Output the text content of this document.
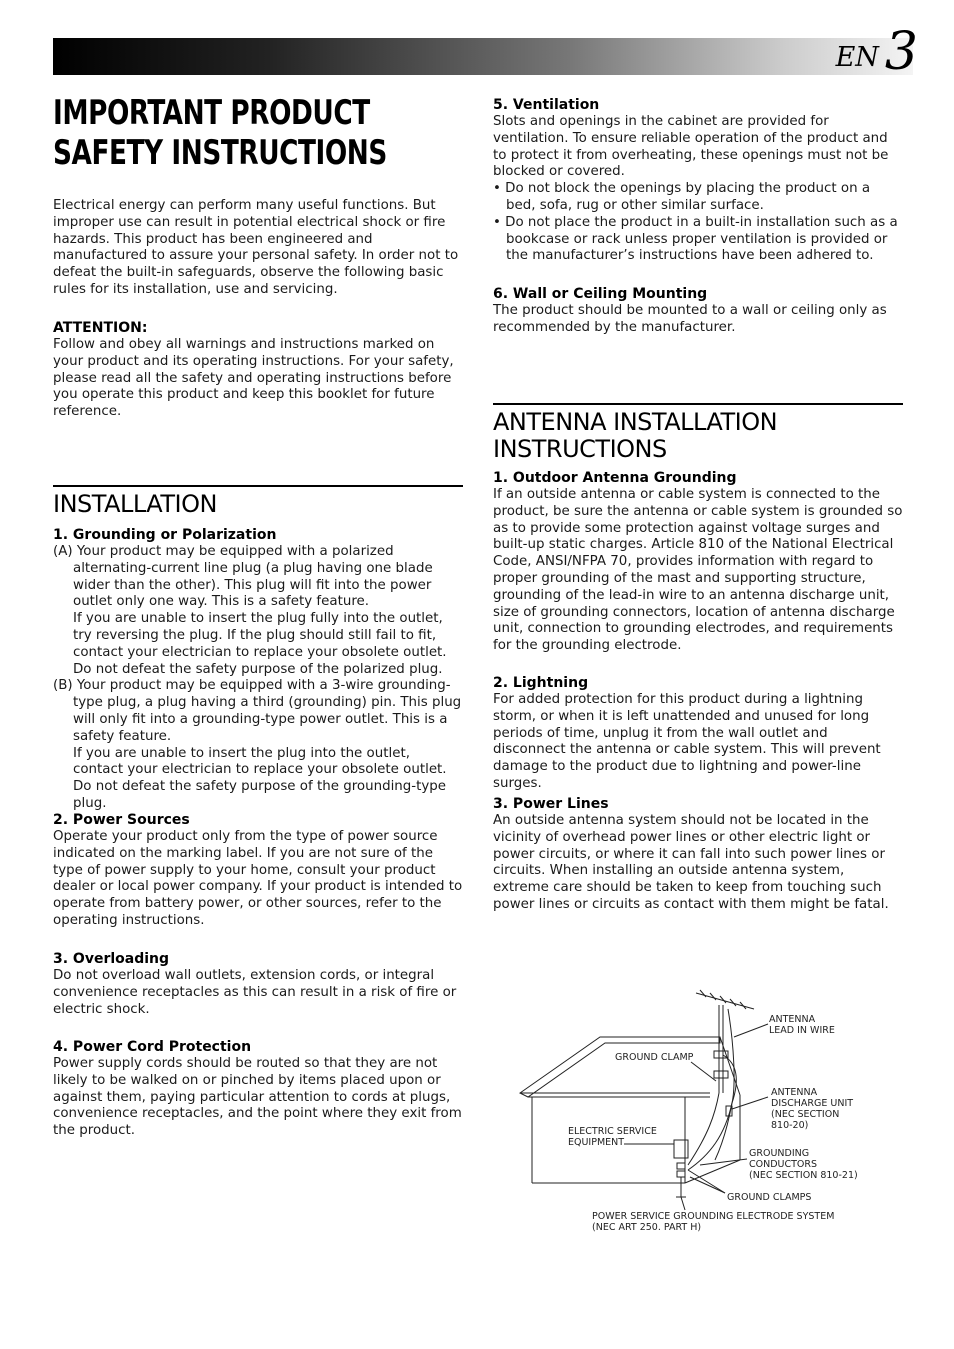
EN 3
IMPORTANT PRODUCT
SAFETY INSTRUCTIONS

Electrical energy can perform many useful functions. But improper use can result in potential electrical shock or fire hazards. This product has been engineered and manufactured to assure your personal safety. In order not to defeat the built-in safeguards, observe the following basic rules for its installation, use and servicing.

ATTENTION:

Follow and obey all warnings and instructions marked on your product and its operating instructions. For your safety, please read all the safety and operating instructions before you operate this product and keep this booklet for future reference.

INSTALLATION

1. Grounding or Polarization

(A) Your product may be equipped with a polarized alternating-current line plug (a plug having one blade wider than the other). This plug will fit into the power outlet only one way. This is a safety feature.

If you are unable to insert the plug fully into the outlet, try reversing the plug. If the plug should still fail to fit, contact your electrician to replace your obsolete outlet. Do not defeat the safety purpose of the polarized plug.

(B) Your product may be equipped with a 3-wire grounding-type plug, a plug having a third (grounding) pin. This plug will only fit into a grounding-type power outlet. This is a safety feature.

If you are unable to insert the plug into the outlet, contact your electrician to replace your obsolete outlet. Do not defeat the safety purpose of the grounding-type plug.

2. Power Sources

Operate your product only from the type of power source indicated on the marking label. If you are not sure of the type of power supply to your home, consult your product dealer or local power company. If your product is intended to operate from battery power, or other sources, refer to the operating instructions.

3. Overloading

Do not overload wall outlets, extension cords, or integral convenience receptacles as this can result in a risk of fire or electric shock.

4. Power Cord Protection

Power supply cords should be routed so that they are not likely to be walked on or pinched by items placed upon or against them, paying particular attention to cords at plugs, convenience receptacles, and the point where they exit from the product.

5. Ventilation

Slots and openings in the cabinet are provided for ventilation. To ensure reliable operation of the product and to protect it from overheating, these openings must not be blocked or covered.

• Do not block the openings by placing the product on a bed, sofa, rug or other similar surface.

• Do not place the product in a built-in installation such as a bookcase or rack unless proper ventilation is provided or the manufacturer’s instructions have been adhered to.

6. Wall or Ceiling Mounting

The product should be mounted to a wall or ceiling only as recommended by the manufacturer.

ANTENNA INSTALLATION
INSTRUCTIONS

1. Outdoor Antenna Grounding

If an outside antenna or cable system is connected to the product, be sure the antenna or cable system is grounded so as to provide some protection against voltage surges and built-up static charges. Article 810 of the National Electrical Code, ANSI/NFPA 70, provides information with regard to proper grounding of the mast and supporting structure, grounding of the lead-in wire to an antenna discharge unit, size of grounding connectors, location of antenna discharge unit, connection to grounding electrodes, and requirements for the grounding electrode.

2. Lightning

For added protection for this product during a lightning storm, or when it is left unattended and unused for long periods of time, unplug it from the wall outlet and disconnect the antenna or cable system. This will prevent damage to the product due to lightning and power-line surges.

3. Power Lines

An outside antenna system should not be located in the vicinity of overhead power lines or other electric light or power circuits, or where it can fall into such power lines or circuits. When installing an outside antenna system, extreme care should be taken to keep from touching such power lines or circuits as contact with them might be fatal.

ANTENNA
LEAD IN WIRE
GROUND CLAMP
ANTENNA
DISCHARGE UNIT
(NEC SECTION
810-20)
ELECTRIC SERVICE
EQUIPMENT
GROUNDING
CONDUCTORS
(NEC SECTION 810-21)
GROUND CLAMPS
POWER SERVICE GROUNDING ELECTRODE SYSTEM
(NEC ART 250. PART H)
